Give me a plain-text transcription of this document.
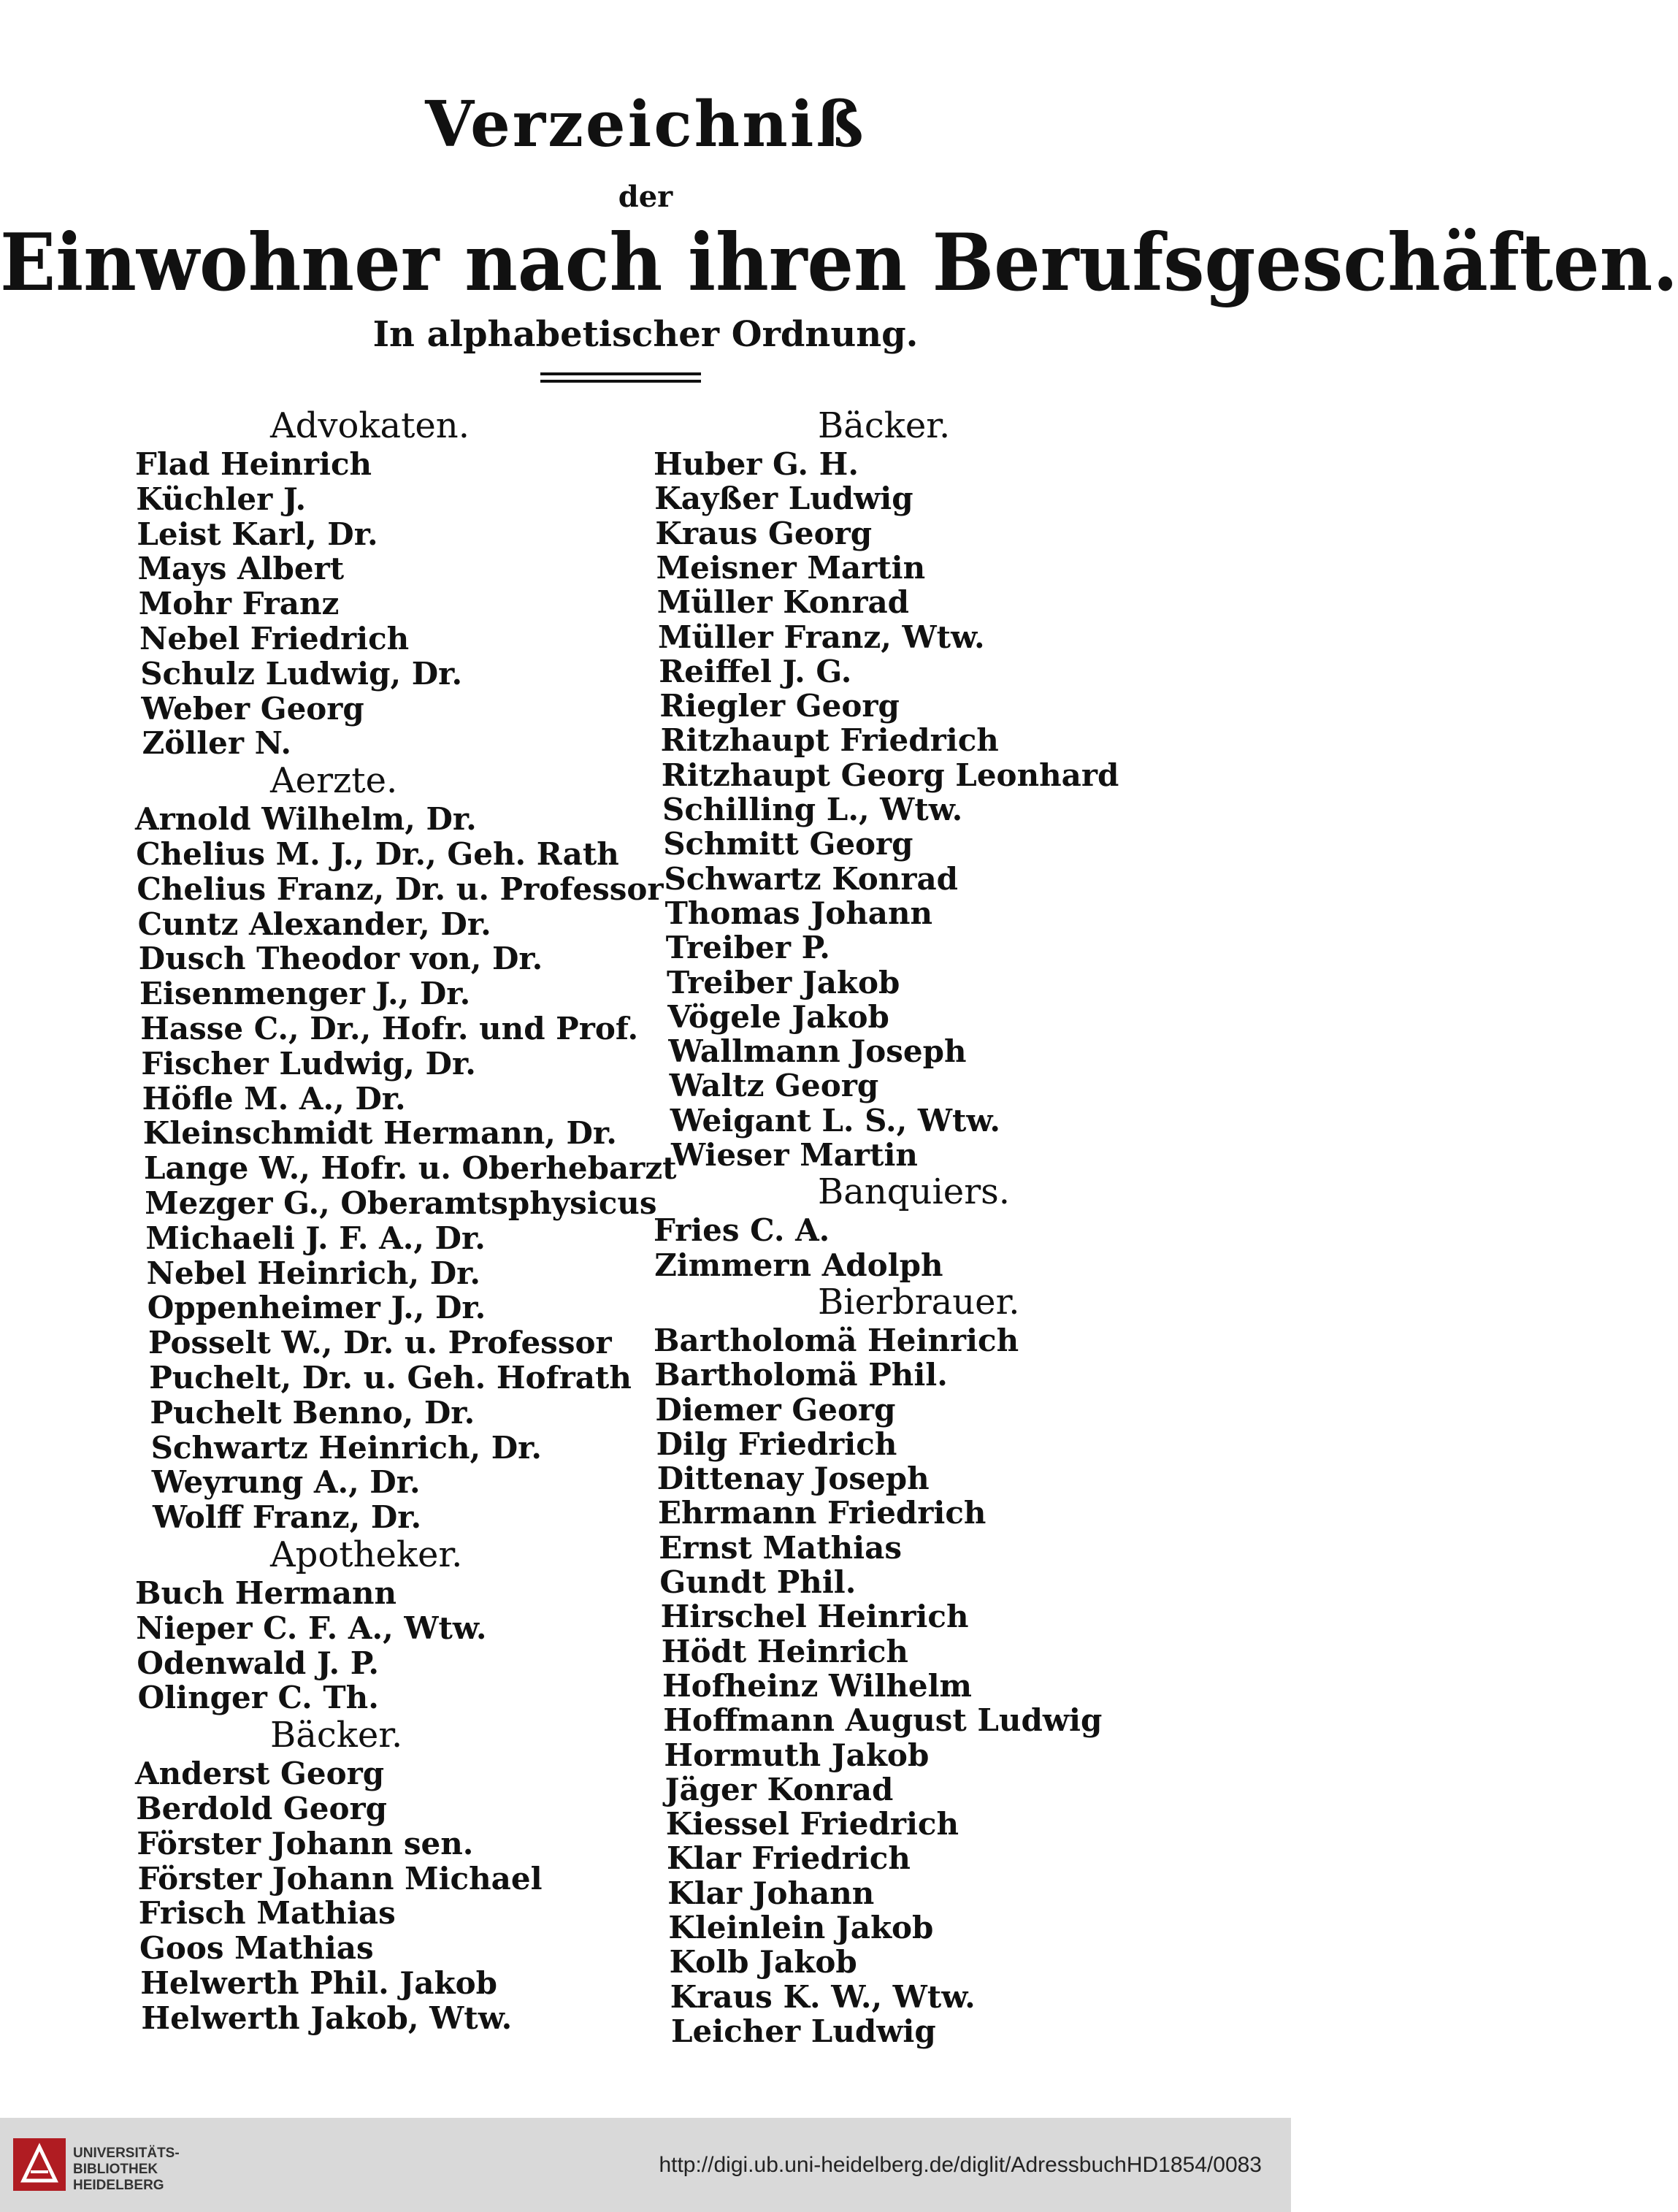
Verzeichniß
der
Einwohner nach ihren Berufsgeschäften.
In alphabetischer Ordnung.
Advokaten.
Flad Heinrich
Küchler J.
Leist Karl, Dr.
Mays Albert
Mohr Franz
Nebel Friedrich
Schulz Ludwig, Dr.
Weber Georg
Zöller N.
Aerzte.
Arnold Wilhelm, Dr.
Chelius M. J., Dr., Geh. Rath
Chelius Franz, Dr. u. Professor
Cuntz Alexander, Dr.
Dusch Theodor von, Dr.
Eisenmenger J., Dr.
Hasse C., Dr., Hofr. und Prof.
Fischer Ludwig, Dr.
Höfle M. A., Dr.
Kleinschmidt Hermann, Dr.
Lange W., Hofr. u. Oberhebarzt
Mezger G., Oberamtsphysicus
Michaeli J. F. A., Dr.
Nebel Heinrich, Dr.
Oppenheimer J., Dr.
Posselt W., Dr. u. Professor
Puchelt, Dr. u. Geh. Hofrath
Puchelt Benno, Dr.
Schwartz Heinrich, Dr.
Weyrung A., Dr.
Wolff Franz, Dr.
Apotheker.
Buch Hermann
Nieper C. F. A., Wtw.
Odenwald J. P.
Olinger C. Th.
Bäcker.
Anderst Georg
Berdold Georg
Förster Johann sen.
Förster Johann Michael
Frisch Mathias
Goos Mathias
Helwerth Phil. Jakob
Helwerth Jakob, Wtw.
Bäcker.
Huber G. H.
Kayßer Ludwig
Kraus Georg
Meisner Martin
Müller Konrad
Müller Franz, Wtw.
Reiffel J. G.
Riegler Georg
Ritzhaupt Friedrich
Ritzhaupt Georg Leonhard
Schilling L., Wtw.
Schmitt Georg
Schwartz Konrad
Thomas Johann
Treiber P.
Treiber Jakob
Vögele Jakob
Wallmann Joseph
Waltz Georg
Weigant L. S., Wtw.
Wieser Martin
Banquiers.
Fries C. A.
Zimmern Adolph
Bierbrauer.
Bartholomä Heinrich
Bartholomä Phil.
Diemer Georg
Dilg Friedrich
Dittenay Joseph
Ehrmann Friedrich
Ernst Mathias
Gundt Phil.
Hirschel Heinrich
Hödt Heinrich
Hofheinz Wilhelm
Hoffmann August Ludwig
Hormuth Jakob
Jäger Konrad
Kiessel Friedrich
Klar Friedrich
Klar Johann
Kleinlein Jakob
Kolb Jakob
Kraus K. W., Wtw.
Leicher Ludwig
UNIVERSITÄTS-
BIBLIOTHEK
HEIDELBERG
http://digi.ub.uni-heidelberg.de/diglit/AdressbuchHD1854/0083
